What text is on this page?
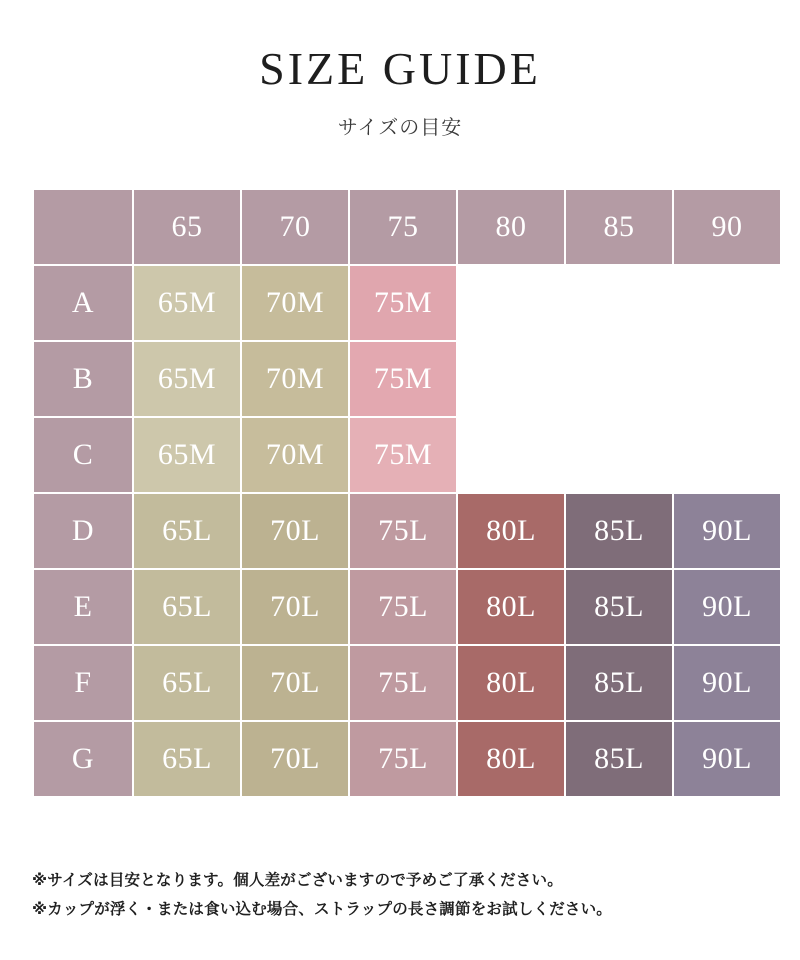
SIZE GUIDE

サイズの目安

	65	70	75	80	85	90
A	65M	70M	75M			
B	65M	70M	75M			
C	65M	70M	75M			
D	65L	70L	75L	80L	85L	90L
E	65L	70L	75L	80L	85L	90L
F	65L	70L	75L	80L	85L	90L
G	65L	70L	75L	80L	85L	90L
※サイズは目安となります。個人差がございますので予めご了承ください。
※カップが浮く・または食い込む場合、ストラップの長さ調節をお試しください。
